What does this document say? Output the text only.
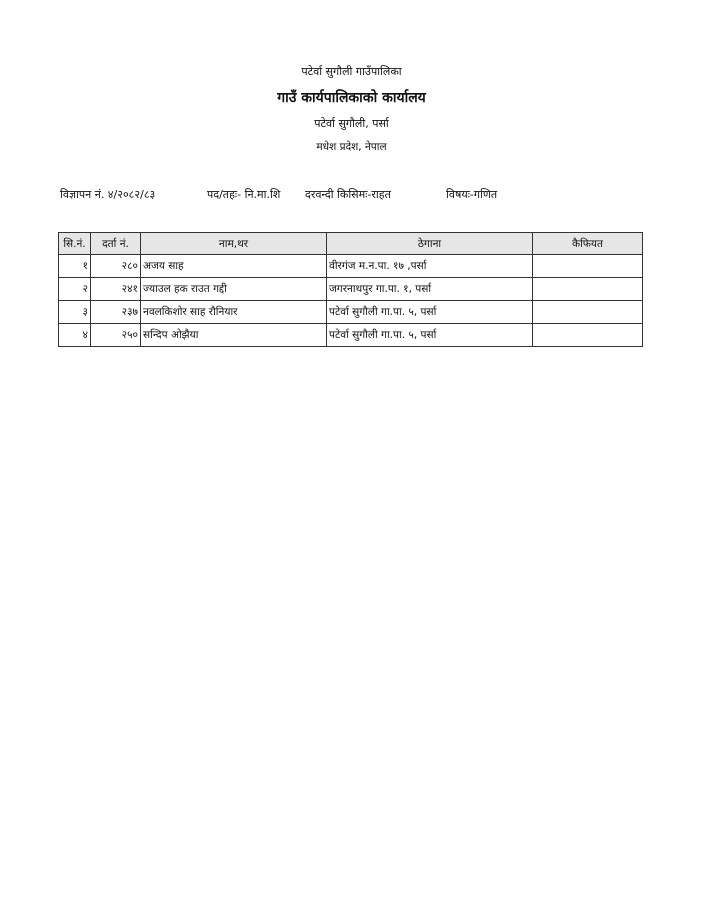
पटेर्वा सुगौली गाउँपालिका
गाउँ कार्यपालिकाको कार्यालय
पटेर्वा सुगौली, पर्सा
मधेश प्रदेश, नेपाल
विज्ञापन नं. ४/२०८२/८३	पद/तहः- नि.मा.शि दरवन्दी किसिमः-राहत	विषयः-गणित
सि.नं.	दर्ता नं.	नाम,थर	ठेगाना	कैफियत
१	२८०	अजय साह	वीरगंज म.न.पा. १७ ,पर्सा	
२	२४१	ज्याउल हक राउत गद्दी	जगरनाथपुर गा.पा. १, पर्सा	
३	२३७	नवलकिशोर साह रौनियार	पटेर्वा सुगौली गा.पा. ५, पर्सा	
४	२५०	सन्दिप ओझैया	पटेर्वा सुगौली गा.पा. ५, पर्सा	
